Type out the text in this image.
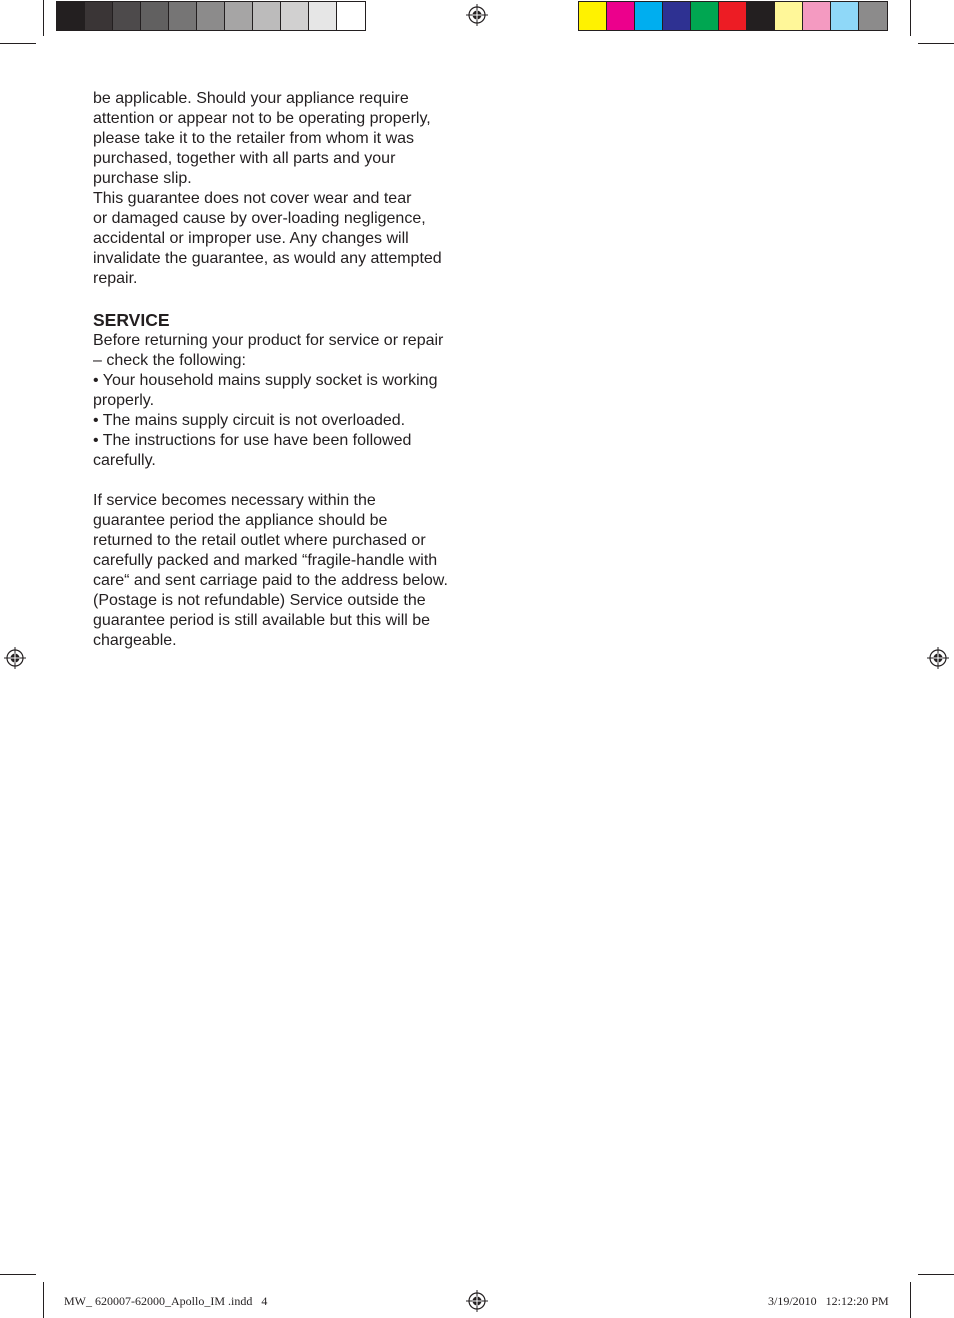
be applicable. Should your appliance require

attention or appear not to be operating properly,

please take it to the retailer from whom it was

purchased, together with all parts and your

purchase slip.

This guarantee does not cover wear and tear

or damaged cause by over-loading negligence,

accidental or improper use. Any changes will

invalidate the guarantee, as would any attempted

repair.

SERVICE

Before returning your product for service or repair

– check the following:

• Your household mains supply socket is working

properly.

• The mains supply circuit is not overloaded.

• The instructions for use have been followed

carefully.

If service becomes necessary within the

guarantee period the appliance should be

returned to the retail outlet where purchased or

carefully packed and marked “fragile-handle with

care“ and sent carriage paid to the address below.

(Postage is not refundable) Service outside the

guarantee period is still available but this will be

chargeable.

MW_ 620007-62000_Apollo_IM .indd   4	3/19/2010   12:12:20 PM
